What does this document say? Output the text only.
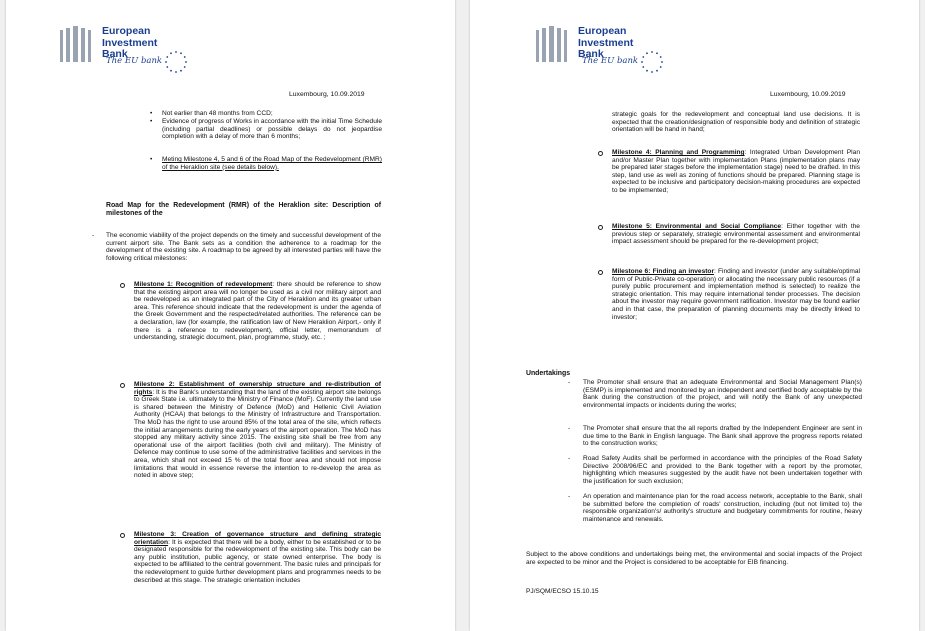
European
Investment
Bank
The EU bank
Luxembourg, 10.09.2019
• Not earlier than 48 months from CCD;
• Evidence of progress of Works in accordance with the initial Time Schedule (including partial deadlines) or possible delays do not jeopardise completion with a delay of more than 6 months;
• Meting Milestone 4, 5 and 6 of the Road Map of the Redevelopment (RMR) of the Heraklion site (see details below).
Road Map for the Redevelopment (RMR) of the Heraklion site: Description of milestones of the
- The economic viability of the project depends on the timely and successful development of the current airport site. The Bank sets as a condition the adherence to a roadmap for the development of the existing site. A roadmap to be agreed by all interested parties will have the following critical milestones:
Milestone 1: Recognition of redevelopment: there should be reference to show that the existing airport area will no longer be used as a civil nor military airport and be redeveloped as an integrated part of the City of Heraklion and its greater urban area. This reference should indicate that the redevelopment is under the agenda of the Greek Government and the respected/related authorities. The reference can be a declaration, law (for example, the ratification law of New Heraklion Airport,- only if there is a reference to redevelopment), official letter, memorandum of understanding, strategic document, plan, programme, study, etc. ;
Milestone 2: Establishment of ownership structure and re-distribution of rights: It is the Bank's understanding that the land of the existing airport site belongs to Greek State i.e. ultimately to the Ministry of Finance (MoF). Currently the land use is shared between the Ministry of Defence (MoD) and Hellenic Civil Aviation Authority (HCAA) that belongs to the Ministry of Infrastructure and Transportation. The MoD has the right to use around 85% of the total area of the site, which reflects the initial arrangements during the early years of the airport operation. The MoD has stopped any military activity since 2015. The existing site shall be free from any operational use of the airport facilities (both civil and military). The Ministry of Defence may continue to use some of the administrative facilities and services in the area, which shall not exceed 15 % of the total floor area and should not impose limitations that would in essence reverse the intention to re-develop the area as noted in above step;
Milestone 3: Creation of governance structure and defining strategic orientation: It is expected that there will be a body, either to be established or to be designated responsible for the redevelopment of the existing site. This body can be any public institution, public agency, or state owned enterprise. The body is expected to be affiliated to the central government. The basic rules and principals for the redevelopment to guide further development plans and programmes needs to be described at this stage. The strategic orientation includes
European
Investment
Bank
The EU bank
Luxembourg, 10.09.2019
strategic goals for the redevelopment and conceptual land use decisions. It is expected that the creation/designation of responsible body and definition of strategic orientation will be hand in hand;
Milestone 4: Planning and Programming: Integrated Urban Development Plan and/or Master Plan together with implementation Plans (implementation plans may be prepared later stages before the implementation stage) need to be drafted. In this step, land use as well as zoning of functions should be prepared. Planning stage is expected to be inclusive and participatory decision-making procedures are expected to be implemented;
Milestone 5: Environmental and Social Compliance: Either together with the previous step or separately, strategic environmental assessment and environmental impact assessment should be prepared for the re-development project;
Milestone 6: Finding an investor: Finding and investor (under any suitable/optimal form of Public-Private co-operation) or allocating the necessary public resources (if a purely public procurement and implementation method is selected) to realize the strategic orientation. This may require international tender processes. The decision about the investor may require government ratification. Investor may be found earlier and in that case, the preparation of planning documents may be directly linked to investor;
Undertakings
- The Promoter shall ensure that an adequate Environmental and Social Management Plan(s) (ESMP) is implemented and monitored by an independent and certified body acceptable by the Bank during the construction of the project, and will notify the Bank of any unexpected environmental impacts or incidents during the works;
- The Promoter shall ensure that the all reports drafted by the Independent Engineer are sent in due time to the Bank in English language. The Bank shall approve the progress reports related to the construction works;
- Road Safety Audits shall be performed in accordance with the principles of the Road Safety Directive 2008/96/EC and provided to the Bank together with a report by the promoter, highlighting which measures suggested by the audit have not been undertaken together with the justification for such exclusion;
- An operation and maintenance plan for the road access network, acceptable to the Bank, shall be submitted before the completion of roads' construction, including (but not limited to) the responsible organization's/ authority's structure and budgetary commitments for routine, heavy maintenance and renewals.
Subject to the above conditions and undertakings being met, the environmental and social impacts of the Project are expected to be minor and the Project is considered to be acceptable for EIB financing.
PJ/SQM/ECSO 15.10.15
